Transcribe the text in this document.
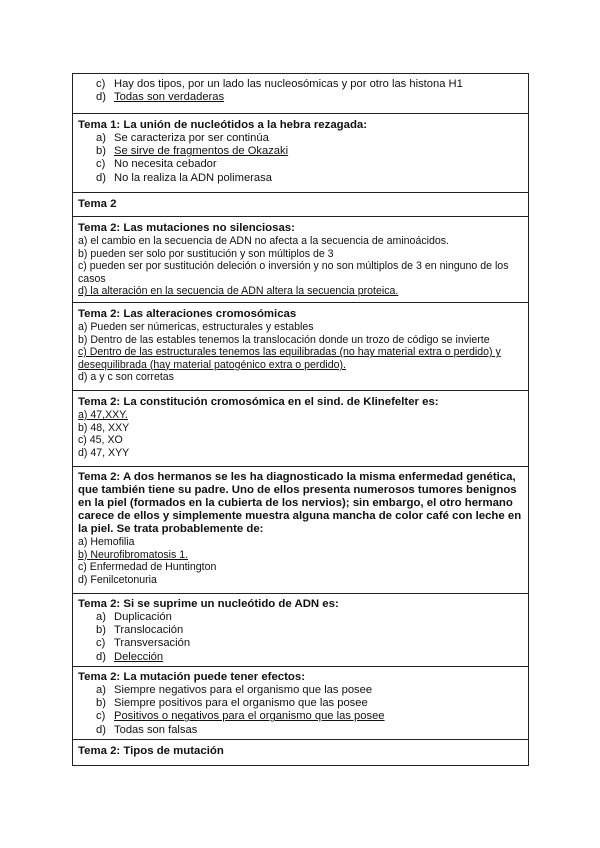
c) Hay dos tipos, por un lado las nucleosómicas y por otro las histona H1
d) Todas son verdaderas
Tema 1: La unión de nucleótidos a la hebra rezagada:
a) Se caracteriza por ser continúa
b) Se sirve de fragmentos de Okazaki
c) No necesita cebador
d) No la realiza la ADN polimerasa
Tema 2
Tema 2: Las mutaciones no silenciosas:
a) el cambio en la secuencia de ADN no afecta a la secuencia de aminoácidos.
b) pueden ser solo por sustitución y son múltiplos de 3
c) pueden ser por sustitución deleción o inversión y no son múltiplos de 3 en ninguno de los casos
d) la alteración en la secuencia de ADN altera la secuencia proteica.
Tema 2: Las alteraciones cromosómicas
a) Pueden ser númericas, estructurales y estables
b) Dentro de las estables tenemos la translocación donde un trozo de código se invierte
c) Dentro de las estructurales tenemos las equilibradas (no hay material extra o perdido) y desequilibrada (hay material patogénico extra o perdido).
d) a y c son corretas
Tema 2: La constitución cromosómica en el sind. de Klinefelter es:
a) 47,XXY.
b) 48, XXY
c) 45, XO
d) 47, XYY
Tema 2: A dos hermanos se les ha diagnosticado la misma enfermedad genética, que también tiene su padre. Uno de ellos presenta numerosos tumores benignos en la piel (formados en la cubierta de los nervios); sin embargo, el otro hermano carece de ellos y simplemente muestra alguna mancha de color café con leche en la piel. Se trata probablemente de:
a) Hemofilia
b) Neurofibromatosis 1.
c) Enfermedad de Huntington
d) Fenilcetonuria
Tema 2: Si se suprime un nucleótido de ADN es:
a) Duplicación
b) Translocación
c) Transversación
d) Delección
Tema 2: La mutación puede tener efectos:
a) Siempre negativos para el organismo que las posee
b) Siempre positivos para el organismo que las posee
c) Positivos o negativos para el organismo que las posee
d) Todas son falsas
Tema 2: Tipos de mutación
